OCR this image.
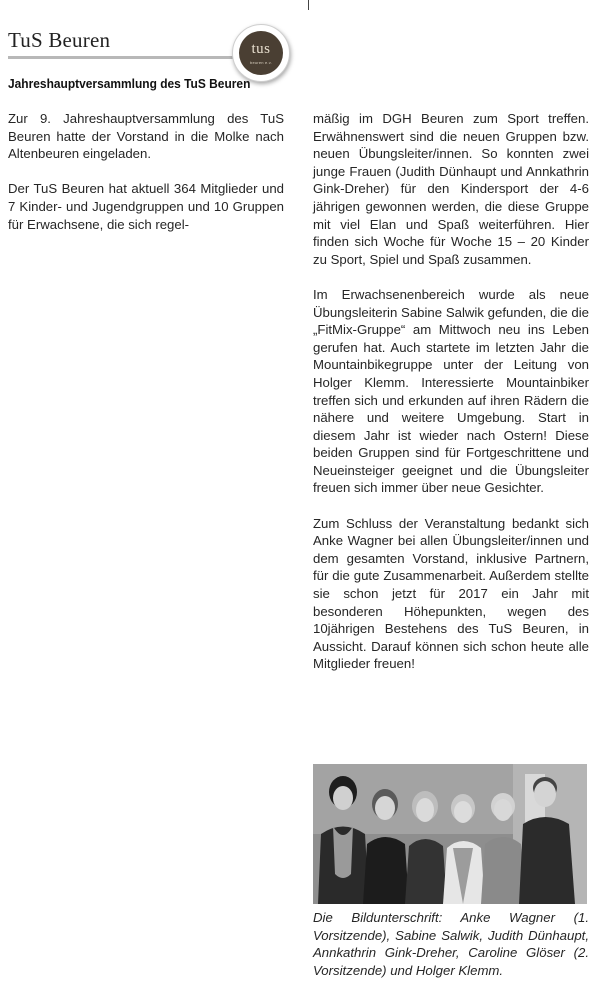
TuS Beuren	tus
beuren e.v.
Jahreshauptversammlung des TuS Beuren

Zur 9. Jahreshauptversammlung des TuS Beuren hatte der Vorstand in die Molke nach Altenbeuren eingeladen.

Der TuS Beuren hat aktuell 364 Mitglieder und 7 Kinder- und Jugendgruppen und 10 Gruppen für Erwachsene, die sich regel-

mäßig im DGH Beuren zum Sport treffen. Erwähnenswert sind die neuen Gruppen bzw. neuen Übungsleiter/innen. So konnten zwei junge Frauen (Judith Dünhaupt und Annkathrin Gink-Dreher) für den Kindersport der 4-6 jährigen gewonnen werden, die diese Gruppe mit viel Elan und Spaß weiterführen. Hier finden sich Woche für Woche 15 – 20 Kinder zu Sport, Spiel und Spaß zusammen.

Im Erwachsenenbereich wurde als neue Übungsleiterin Sabine Salwik gefunden, die die „FitMix-Gruppe“ am Mittwoch neu ins Leben gerufen hat. Auch startete im letzten Jahr die Mountainbikegruppe unter der Leitung von Holger Klemm. Interessierte Mountainbiker treffen sich und erkunden auf ihren Rädern die nähere und weitere Umgebung. Start in diesem Jahr ist wieder nach Ostern! Diese beiden Gruppen sind für Fortgeschrittene und Neueinsteiger geeignet und die Übungsleiter freuen sich immer über neue Gesichter.

Zum Schluss der Veranstaltung bedankt sich Anke Wagner bei allen Übungsleiter/innen und dem gesamten Vorstand, inklusive Partnern, für die gute Zusammenarbeit. Außerdem stellte sie schon jetzt für 2017 ein Jahr mit besonderen Höhepunkten, wegen des 10jährigen Bestehens des TuS Beuren, in Aussicht. Darauf können sich schon heute alle Mitglieder freuen!

Die Bildunterschrift: Anke Wagner (1. Vorsitzende), Sabine Salwik, Judith Dünhaupt, Annkathrin Gink-Dreher, Caroline Glöser (2. Vorsitzende) und Holger Klemm.
